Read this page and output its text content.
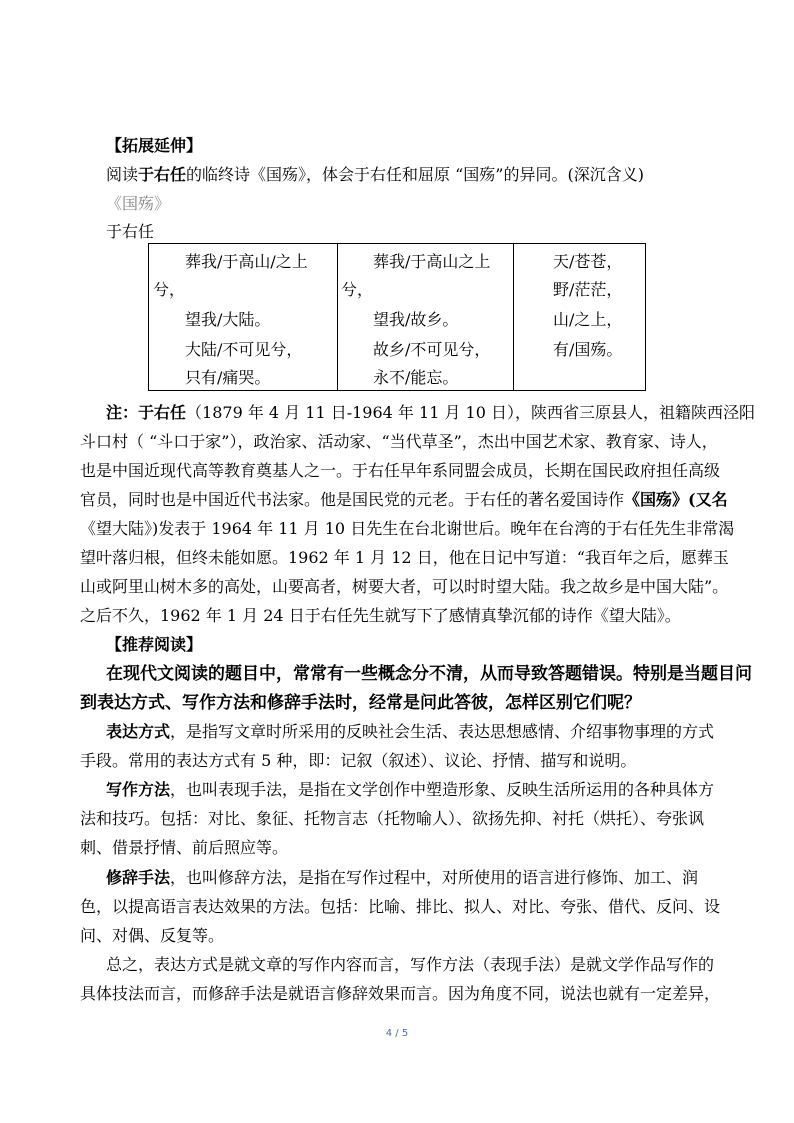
【拓展延伸】
阅读于右任的临终诗《国殇》，体会于右任和屈原 “国殇”的异同。(深沉含义)
《国殇》
于右任
葬我/于高山/之上
兮，
望我/大陆。
大陆/不可见兮，
只有/痛哭。
葬我/于高山之上
兮，
望我/故乡。
故乡/不可见兮，
永不/能忘。
天/苍苍，
野/茫茫，
山/之上，
有/国殇。
注：于右任（1879 年 4 月 11 日-1964 年 11 月 10 日），陕西省三原县人，祖籍陕西泾阳
斗口村（ “斗口于家”），政治家、活动家、“当代草圣”，杰出中国艺术家、教育家、诗人，
也是中国近现代高等教育奠基人之一。于右任早年系同盟会成员，长期在国民政府担任高级
官员，同时也是中国近代书法家。他是国民党的元老。于右任的著名爱国诗作《国殇》(又名
《望大陆》)发表于 1964 年 11 月 10 日先生在台北谢世后。晚年在台湾的于右任先生非常渴
望叶落归根，但终未能如愿。1962 年 1 月 12 日，他在日记中写道：“我百年之后，愿葬玉
山或阿里山树木多的高处，山要高者，树要大者，可以时时望大陆。我之故乡是中国大陆”。
之后不久，1962 年 1 月 24 日于右任先生就写下了感情真挚沉郁的诗作《望大陆》。
【推荐阅读】
在现代文阅读的题目中，常常有一些概念分不清，从而导致答题错误。特别是当题目问
到表达方式、写作方法和修辞手法时，经常是问此答彼，怎样区别它们呢？
表达方式，是指写文章时所采用的反映社会生活、表达思想感情、介绍事物事理的方式
手段。常用的表达方式有 5 种，即：记叙（叙述）、议论、抒情、描写和说明。
写作方法，也叫表现手法，是指在文学创作中塑造形象、反映生活所运用的各种具体方
法和技巧。包括：对比、象征、托物言志（托物喻人）、欲扬先抑、衬托（烘托）、夸张讽
刺、借景抒情、前后照应等。
修辞手法，也叫修辞方法，是指在写作过程中，对所使用的语言进行修饰、加工、润
色，以提高语言表达效果的方法。包括：比喻、排比、拟人、对比、夸张、借代、反问、设
问、对偶、反复等。
总之，表达方式是就文章的写作内容而言，写作方法（表现手法）是就文学作品写作的
具体技法而言，而修辞手法是就语言修辞效果而言。因为角度不同，说法也就有一定差异，
4 / 5
